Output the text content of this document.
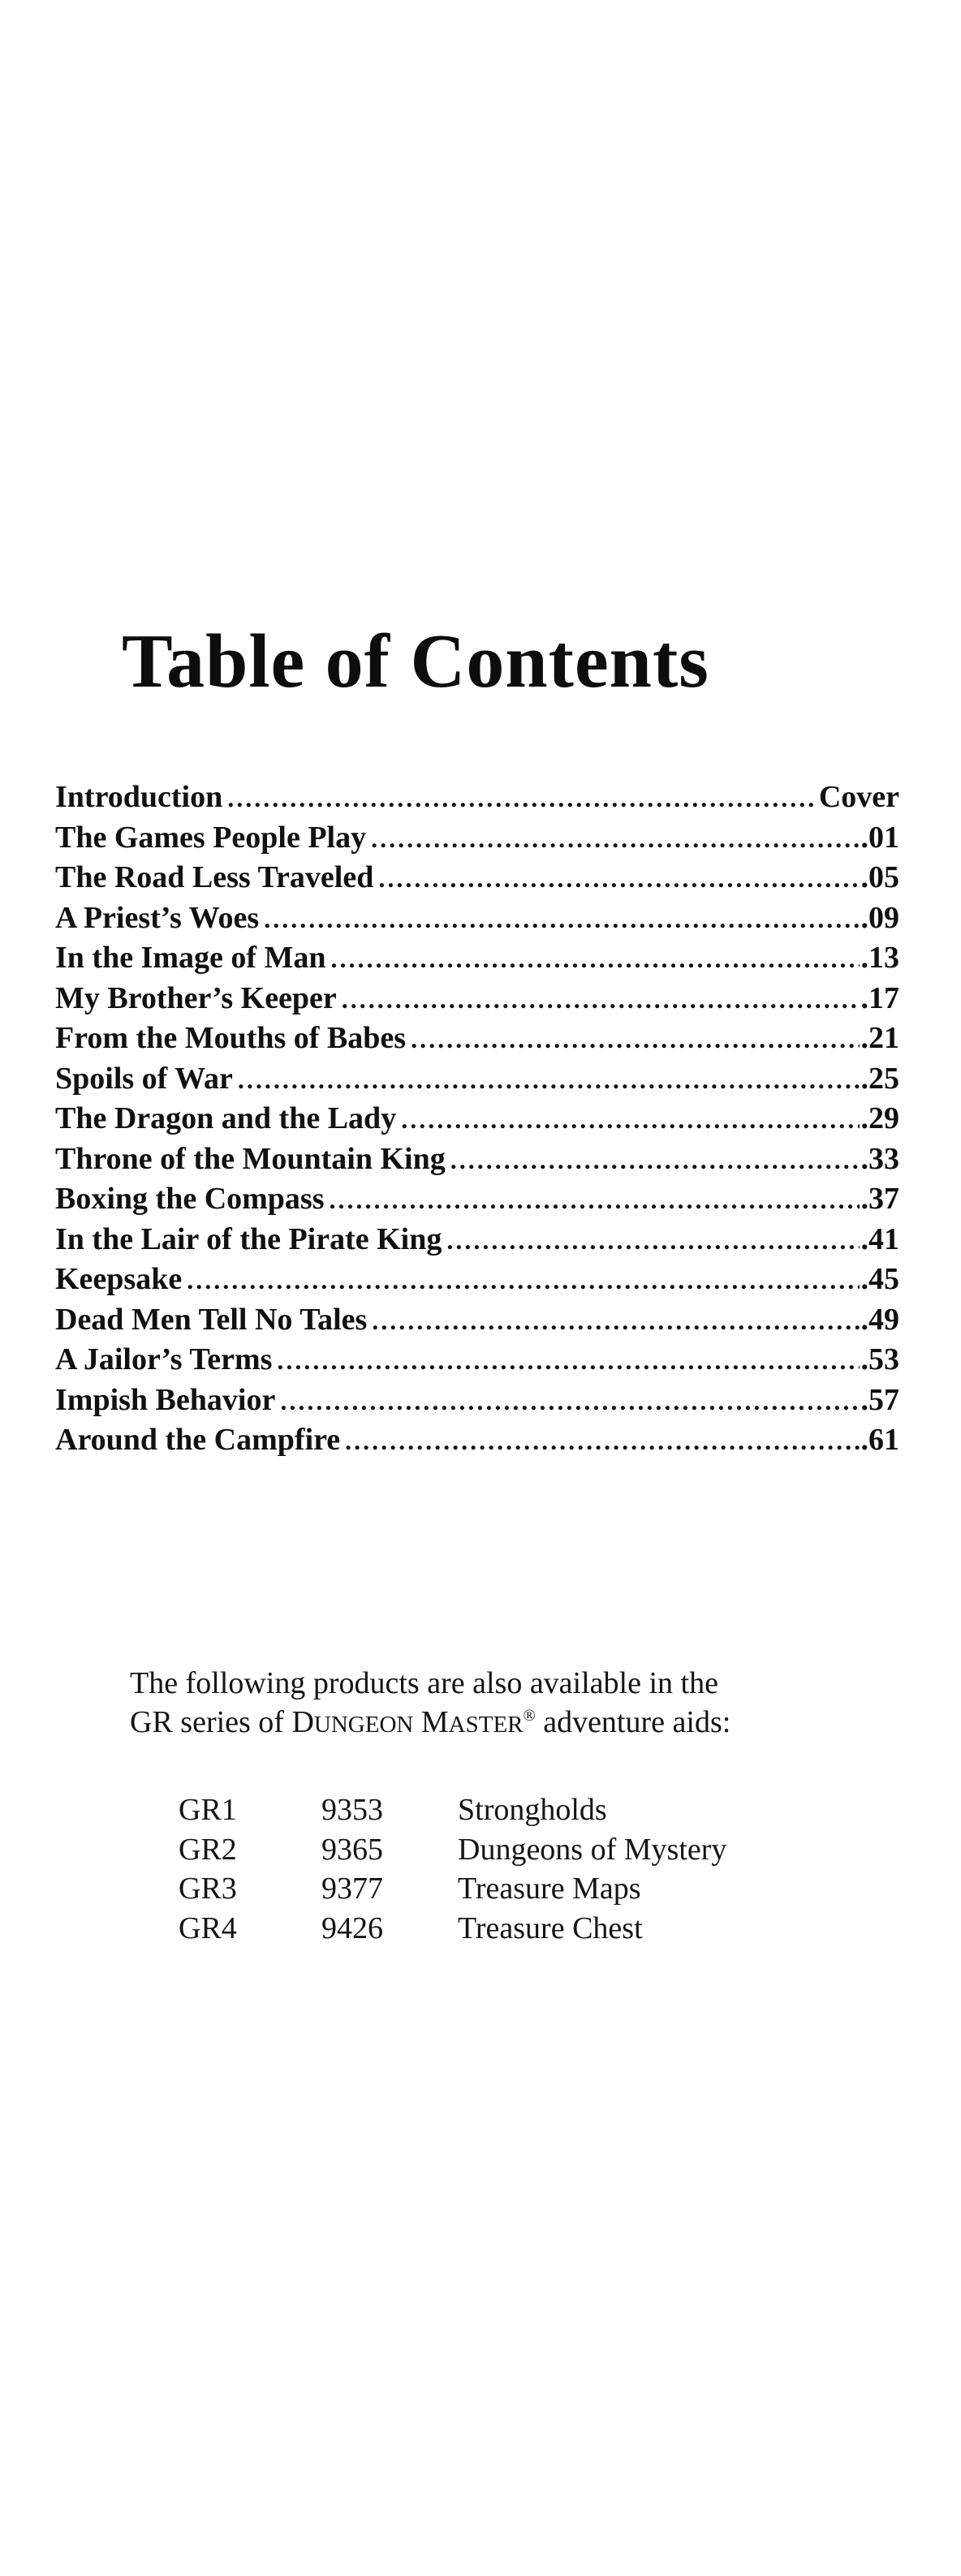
Table of Contents
Introduction .....	Cover
The Games People Play .....	.01
The Road Less Traveled .....	.05
A Priest’s Woes .....	.09
In the Image of Man .....	.13
My Brother’s Keeper .....	.17
From the Mouths of Babes .....	.21
Spoils of War .....	.25
The Dragon and the Lady .....	.29
Throne of the Mountain King .....	.33
Boxing the Compass .....	.37
In the Lair of the Pirate King .....	.41
Keepsake .....	.45
Dead Men Tell No Tales .....	.49
A Jailor’s Terms .....	.53
Impish Behavior .....	.57
Around the Campfire .....	.61

The following products are also available in the
GR series of DUNGEON MASTER® adventure aids:

GR1	9353	Strongholds
GR2	9365	Dungeons of Mystery
GR3	9377	Treasure Maps
GR4	9426	Treasure Chest
